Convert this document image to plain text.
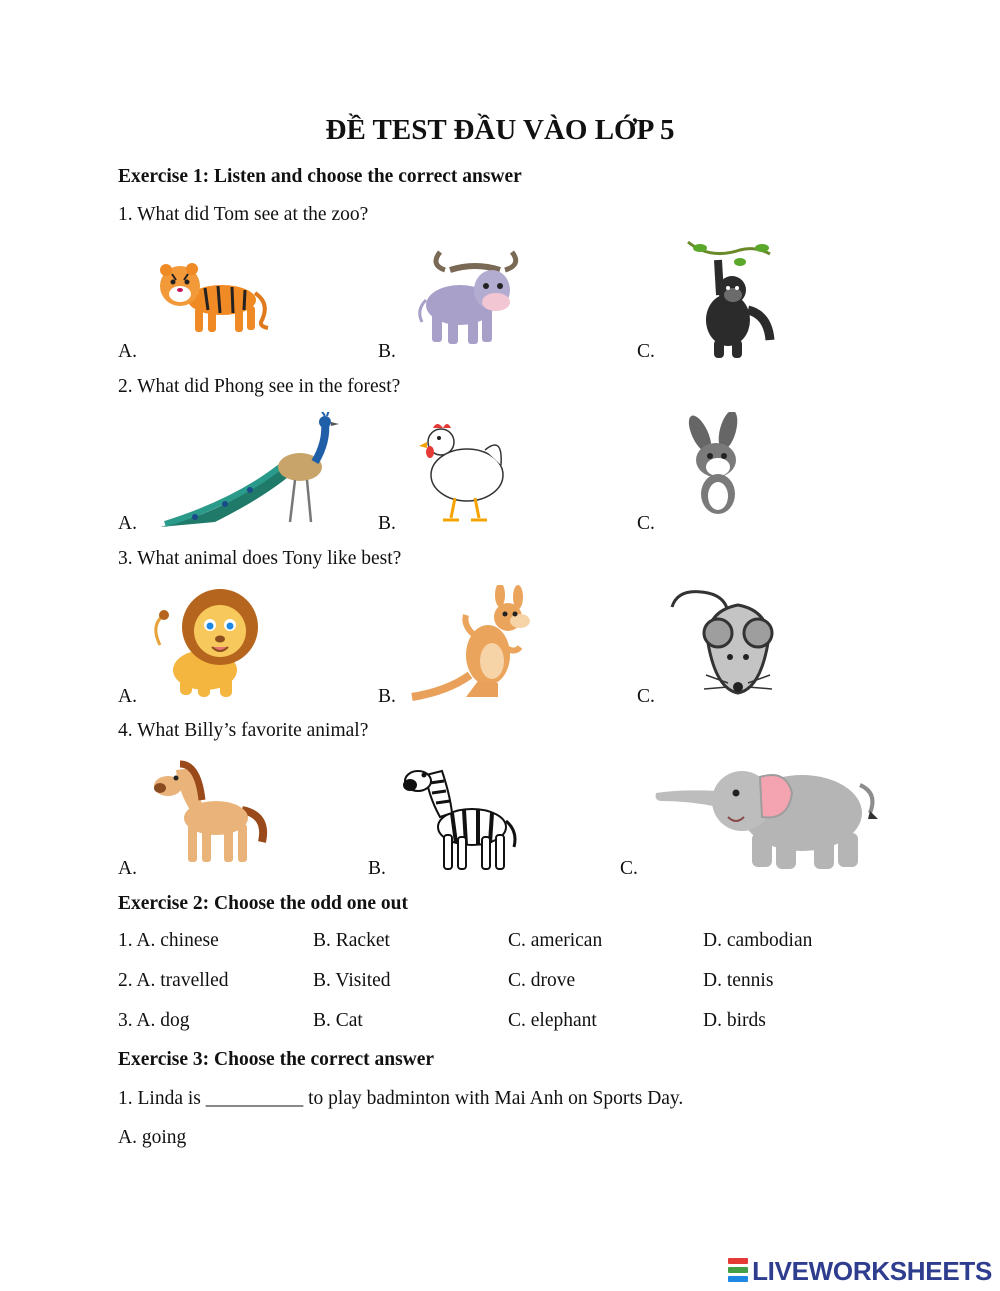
ĐỀ TEST ĐẦU VÀO LỚP 5
Exercise 1: Listen and choose the correct answer
1. What did Tom see at the zoo?
A.	B.	C.
2. What did Phong see in the forest?
A.	B.	C.
3. What animal does Tony like best?
A.	B.	C.
4. What Billy’s favorite animal?
A.	B.	C.
Exercise 2: Choose the odd one out
1. A. chinese	B. Racket	C. american	D. cambodian
2. A. travelled	B. Visited	C. drove	D. tennis
3. A. dog	B. Cat	C. elephant	D. birds
Exercise 3: Choose the correct answer
1. Linda is __________ to play badminton with Mai Anh on Sports Day.
A. going
LIVEWORKSHEETS
